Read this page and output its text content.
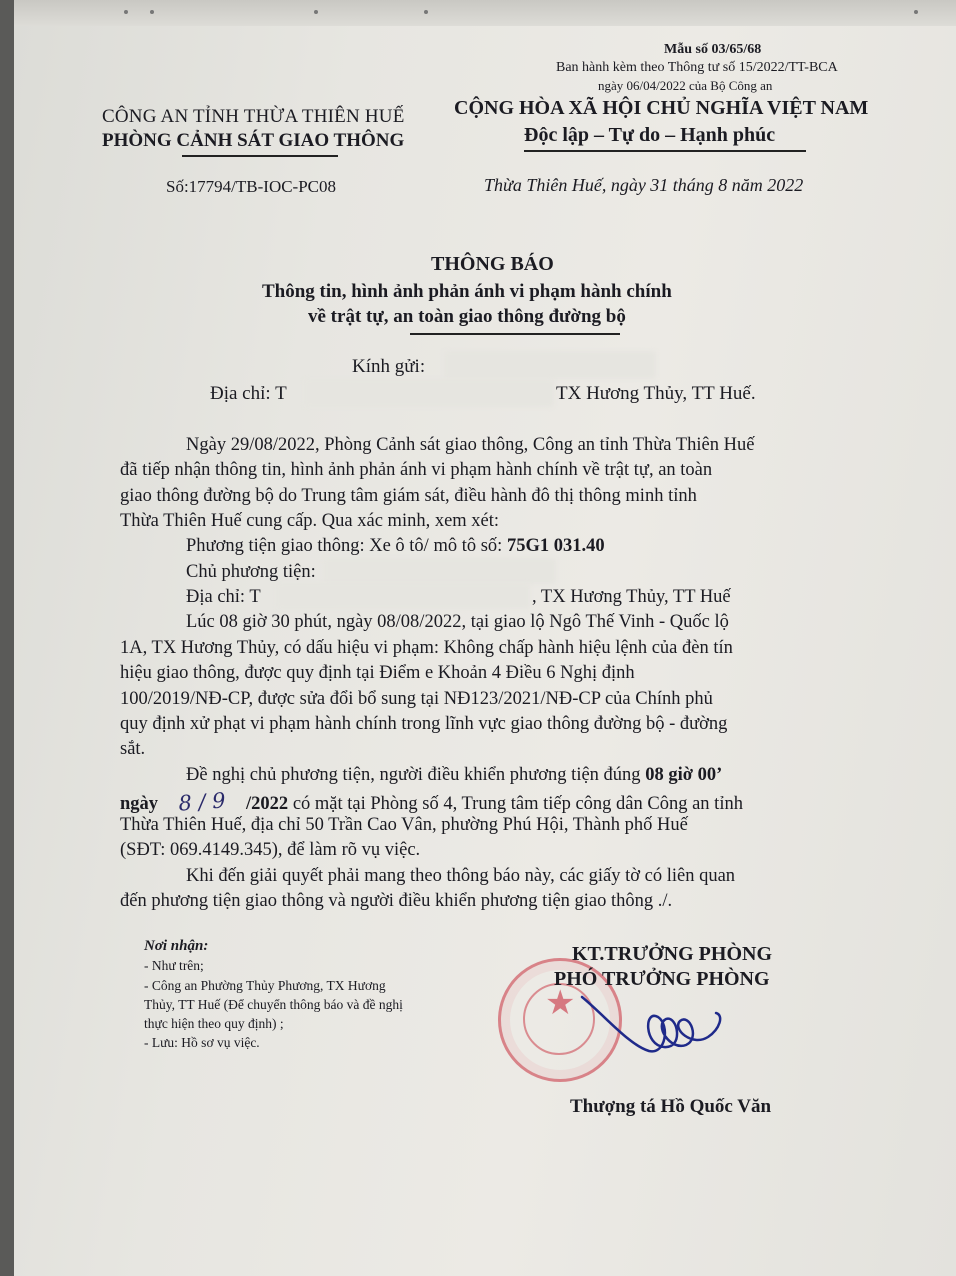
Mẫu số 03/65/68
Ban hành kèm theo Thông tư số 15/2022/TT-BCA
ngày 06/04/2022 của Bộ Công an
CÔNG AN TỈNH THỪA THIÊN HUẾ
PHÒNG CẢNH SÁT GIAO THÔNG
Số:17794/TB-IOC-PC08
CỘNG HÒA XÃ HỘI CHỦ NGHĨA VIỆT NAM
Độc lập – Tự do – Hạnh phúc
Thừa Thiên Huế, ngày 31 tháng 8 năm 2022
THÔNG BÁO
Thông tin, hình ảnh phản ánh vi phạm hành chính
về trật tự, an toàn giao thông đường bộ
Kính gửi:
Địa chỉ: T	TX Hương Thủy, TT Huế.
Ngày 29/08/2022, Phòng Cảnh sát giao thông, Công an tỉnh Thừa Thiên Huế
đã tiếp nhận thông tin, hình ảnh phản ánh vi phạm hành chính về trật tự, an toàn
giao thông đường bộ do Trung tâm giám sát, điều hành đô thị thông minh tỉnh
Thừa Thiên Huế cung cấp. Qua xác minh, xem xét:
Phương tiện giao thông: Xe ô tô/ mô tô số: 75G1 031.40
Chủ phương tiện:
Địa chỉ: T	, TX Hương Thủy, TT Huế
Lúc 08 giờ 30 phút, ngày 08/08/2022, tại giao lộ Ngô Thế Vinh - Quốc lộ
1A, TX Hương Thủy, có dấu hiệu vi phạm: Không chấp hành hiệu lệnh của đèn tín
hiệu giao thông, được quy định tại Điểm e Khoản 4 Điều 6 Nghị định
100/2019/NĐ-CP, được sửa đổi bổ sung tại NĐ123/2021/NĐ-CP của Chính phủ
quy định xử phạt vi phạm hành chính trong lĩnh vực giao thông đường bộ - đường
sắt.
Đề nghị chủ phương tiện, người điều khiển phương tiện đúng 08 giờ 00’
ngày 8 / 9 /2022 có mặt tại Phòng số 4, Trung tâm tiếp công dân Công an tỉnh
Thừa Thiên Huế, địa chỉ 50 Trần Cao Vân, phường Phú Hội, Thành phố Huế
(SĐT: 069.4149.345), để làm rõ vụ việc.
Khi đến giải quyết phải mang theo thông báo này, các giấy tờ có liên quan
đến phương tiện giao thông và người điều khiển phương tiện giao thông ./.
Nơi nhận:
- Như trên;
- Công an Phường Thủy Phương, TX Hương
Thủy, TT Huế (Để chuyển thông báo và đề nghị
thực hiện theo quy định) ;
- Lưu: Hồ sơ vụ việc.
★
KT.TRƯỞNG PHÒNG
PHÓ TRƯỞNG PHÒNG
Thượng tá Hồ Quốc Văn
